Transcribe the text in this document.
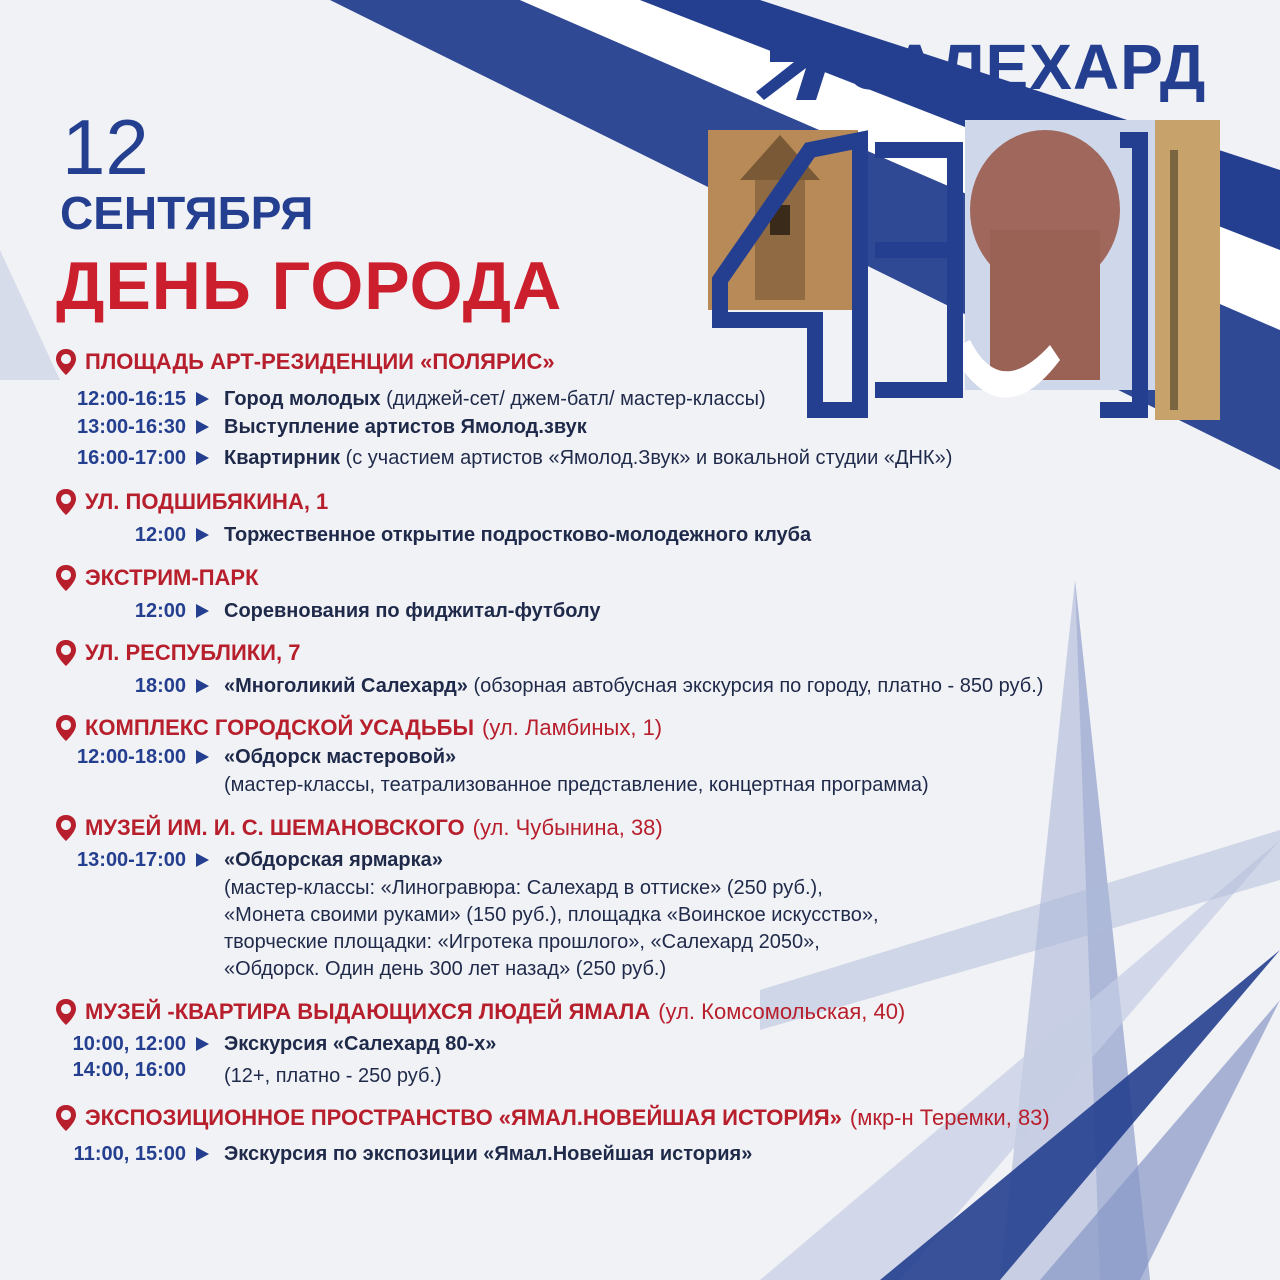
САЛЕХАРД
12
СЕНТЯБРЯ
ДЕНЬ ГОРОДА
ПЛОЩАДЬ АРТ-РЕЗИДЕНЦИИ «ПОЛЯРИС»
12:00-16:15 Город молодых (диджей-сет/ джем-батл/ мастер-классы)
13:00-16:30 Выступление артистов Ямолод.звук
16:00-17:00 Квартирник (с участием артистов «Ямолод.Звук» и вокальной студии «ДНК»)
УЛ. ПОДШИБЯКИНА, 1
12:00 Торжественное открытие подростково-молодежного клуба
ЭКСТРИМ-ПАРК
12:00 Соревнования по фиджитал-футболу
УЛ. РЕСПУБЛИКИ, 7
18:00 «Многоликий Салехард» (обзорная автобусная экскурсия по городу, платно - 850 руб.)
КОМПЛЕКС ГОРОДСКОЙ УСАДЬБЫ (ул. Ламбиных, 1)
12:00-18:00 «Обдорск мастеровой»
(мастер-классы, театрализованное представление, концертная программа)
МУЗЕЙ ИМ. И. С. ШЕМАНОВСКОГО (ул. Чубынина, 38)
13:00-17:00 «Обдорская ярмарка»
(мастер-классы: «Линогравюра: Салехард в оттиске» (250 руб.),
«Монета своими руками» (150 руб.), площадка «Воинское искусство»,
творческие площадки: «Игротека прошлого», «Салехард 2050»,
«Обдорск. Один день 300 лет назад» (250 руб.)
МУЗЕЙ -КВАРТИРА ВЫДАЮЩИХСЯ ЛЮДЕЙ ЯМАЛА (ул. Комсомольская, 40)
10:00, 12:00 Экскурсия «Салехард 80-х»
14:00, 16:00 (12+, платно - 250 руб.)
ЭКСПОЗИЦИОННОЕ ПРОСТРАНСТВО «ЯМАЛ.НОВЕЙШАЯ ИСТОРИЯ» (мкр-н Теремки, 83)
11:00, 15:00 Экскурсия по экспозиции «Ямал.Новейшая история»
